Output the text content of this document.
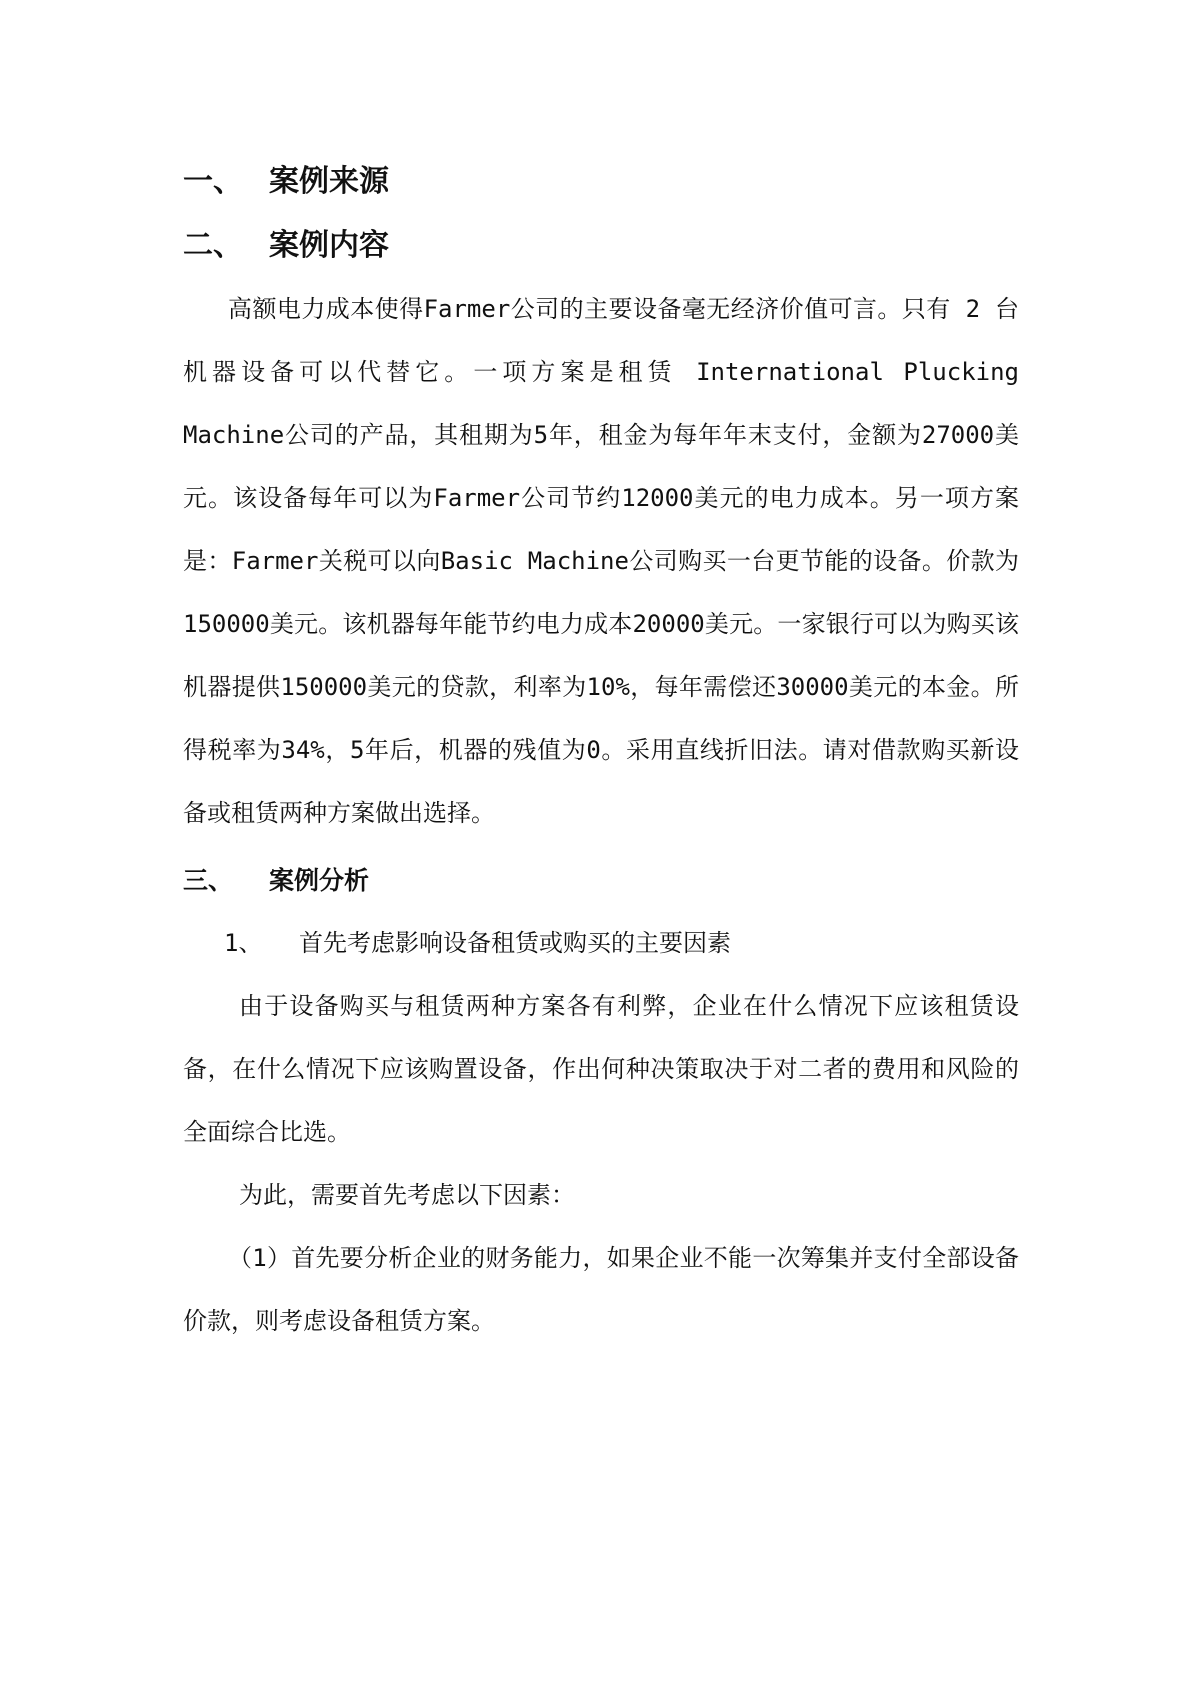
一、 案例来源
二、 案例内容

高额电力成本使得Farmer公司的主要设备毫无经济价值可言。只有 2 台机器设备可以代替它。一项方案是租赁 International Plucking Machine公司的产品，其租期为5年，租金为每年年末支付，金额为27000美元。该设备每年可以为Farmer公司节约12000美元的电力成本。另一项方案是：Farmer关税可以向Basic Machine公司购买一台更节能的设备。价款为150000美元。该机器每年能节约电力成本20000美元。一家银行可以为购买该机器提供150000美元的贷款，利率为10%，每年需偿还30000美元的本金。所得税率为34%，5年后，机器的残值为0。采用直线折旧法。请对借款购买新设备或租赁两种方案做出选择。

三、	案例分析
1、	首先考虑影响设备租赁或购买的主要因素

由于设备购买与租赁两种方案各有利弊，企业在什么情况下应该租赁设备，在什么情况下应该购置设备，作出何种决策取决于对二者的费用和风险的全面综合比选。

为此，需要首先考虑以下因素：

（1）首先要分析企业的财务能力，如果企业不能一次筹集并支付全部设备价款，则考虑设备租赁方案。
